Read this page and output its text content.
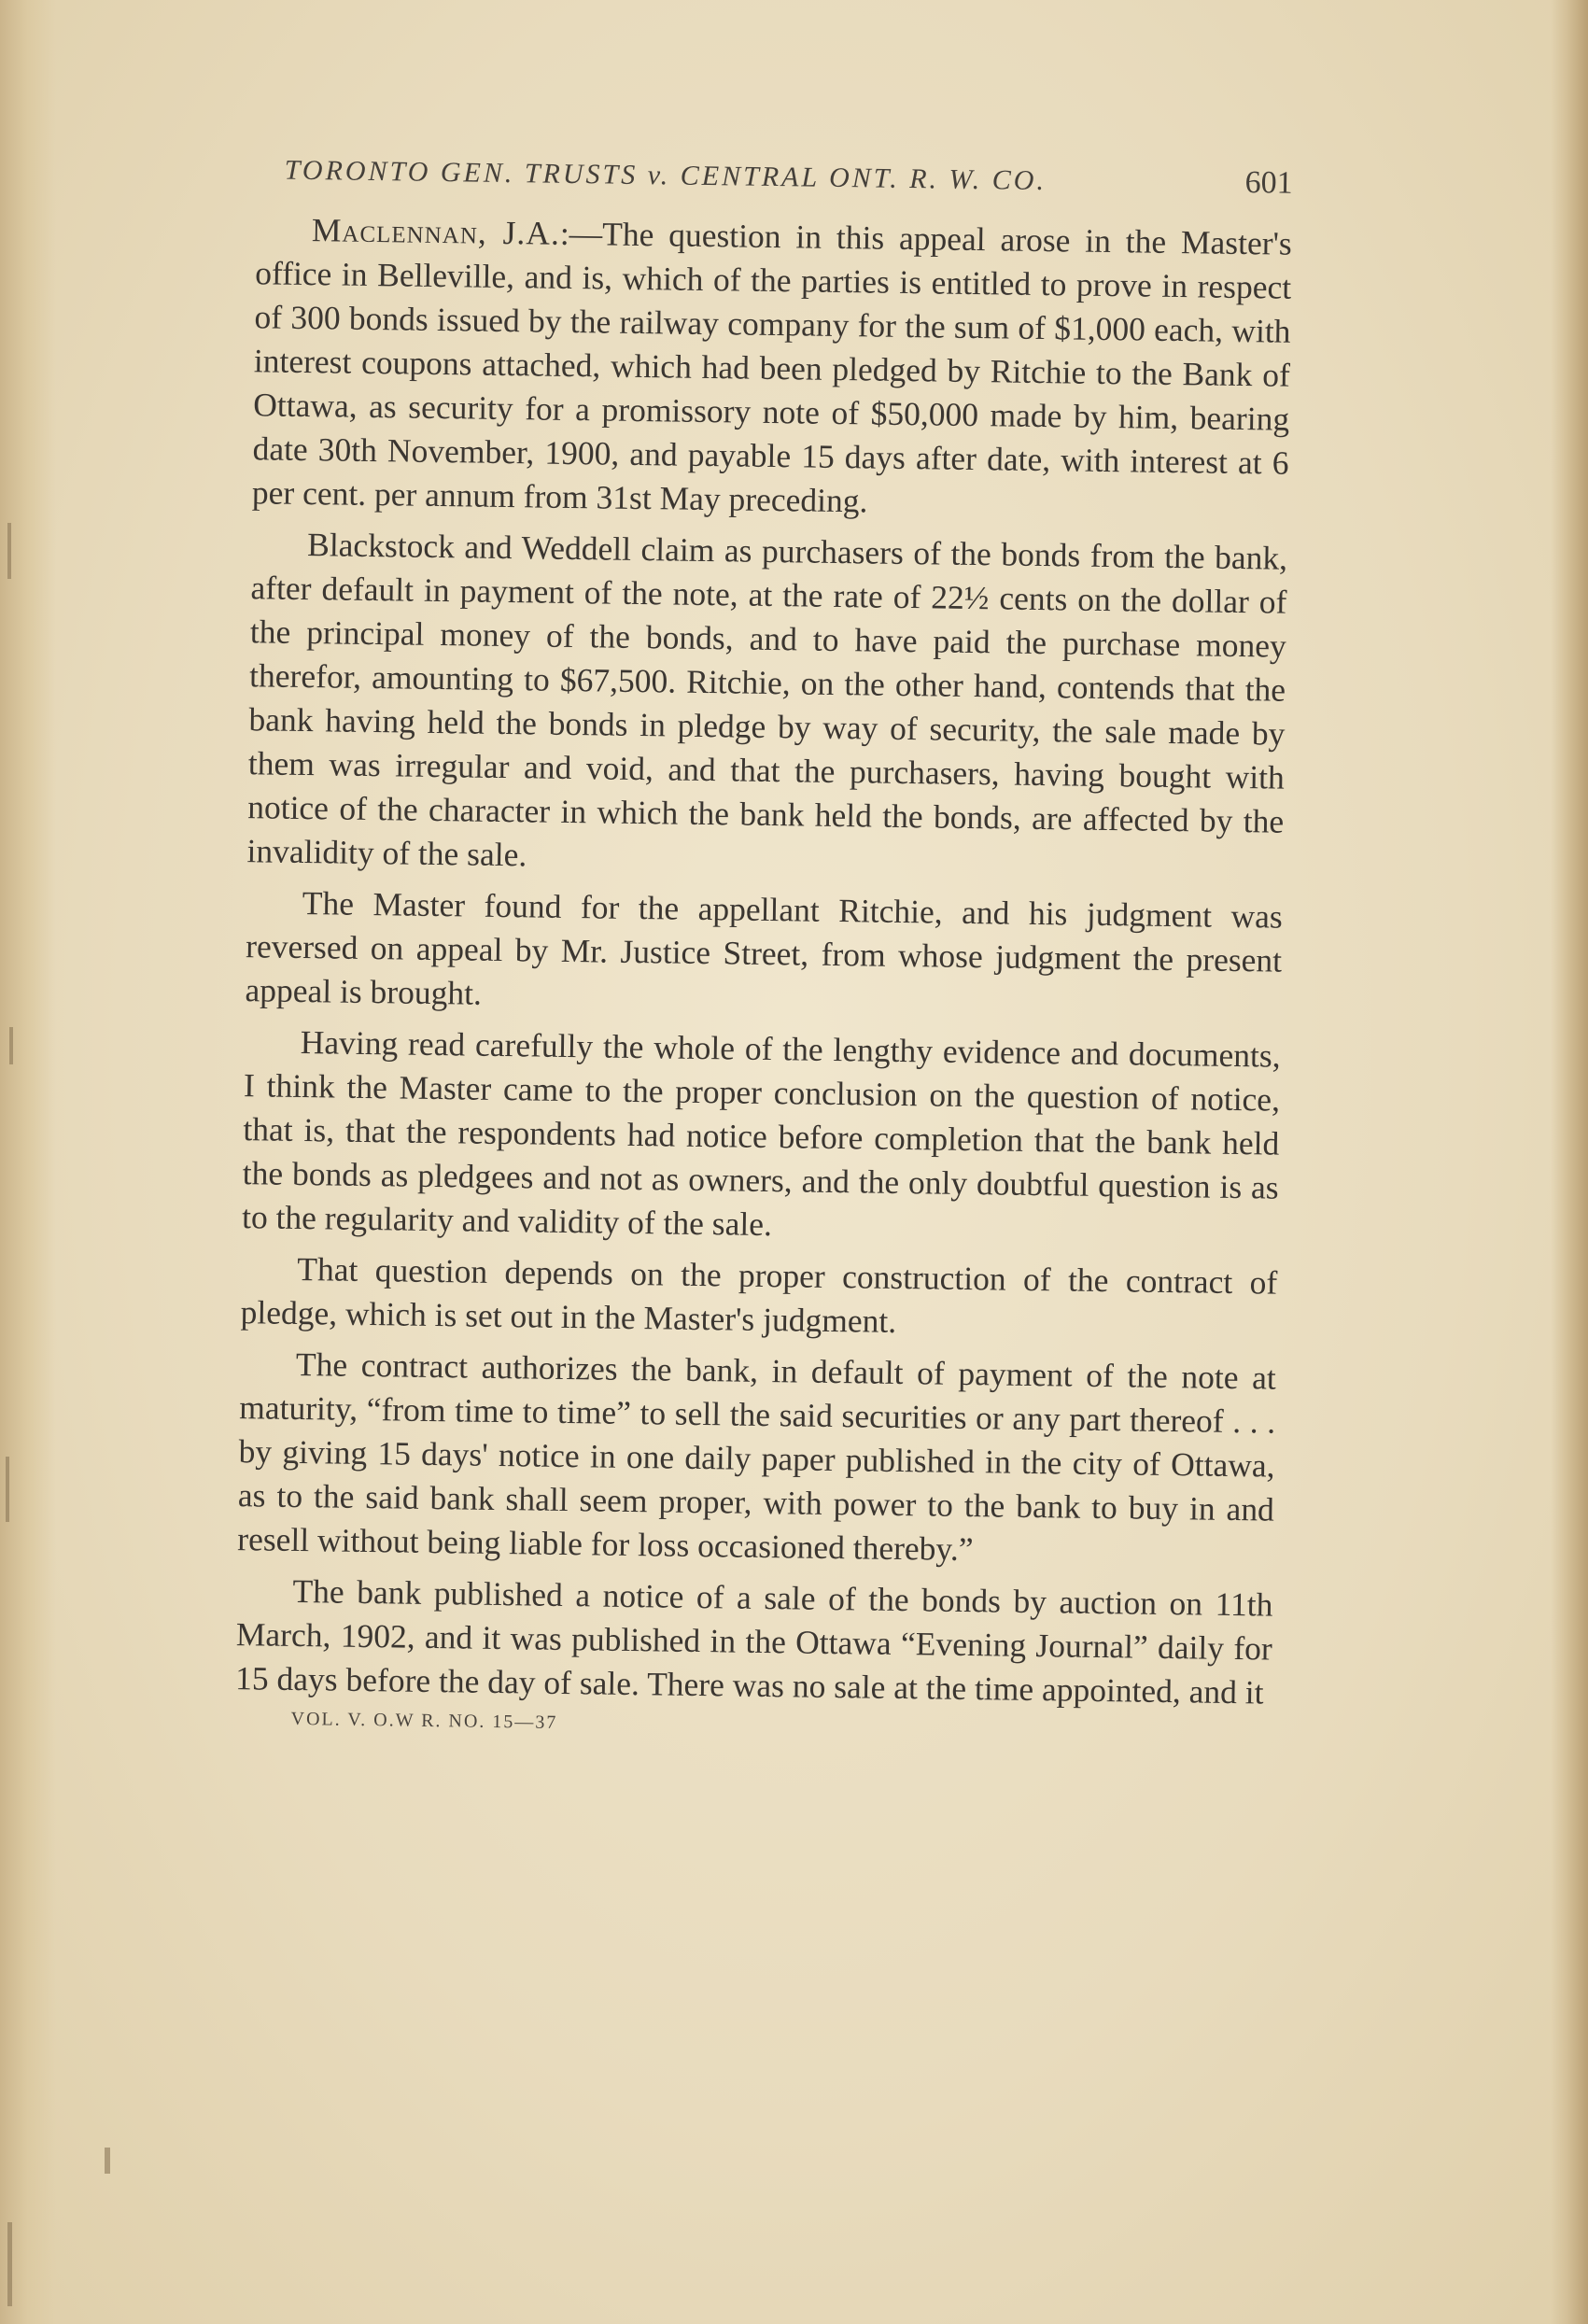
TORONTO GEN. TRUSTS v. CENTRAL ONT. R. W. CO.	601

Maclennan, J.A.:—The question in this appeal arose in the Master's office in Belleville, and is, which of the parties is entitled to prove in respect of 300 bonds issued by the railway company for the sum of $1,000 each, with interest coupons attached, which had been pledged by Ritchie to the Bank of Ottawa, as security for a promissory note of $50,000 made by him, bearing date 30th November, 1900, and payable 15 days after date, with interest at 6 per cent. per annum from 31st May preceding.

Blackstock and Weddell claim as purchasers of the bonds from the bank, after default in payment of the note, at the rate of 22½ cents on the dollar of the principal money of the bonds, and to have paid the purchase money therefor, amounting to $67,500. Ritchie, on the other hand, contends that the bank having held the bonds in pledge by way of security, the sale made by them was irregular and void, and that the purchasers, having bought with notice of the character in which the bank held the bonds, are affected by the invalidity of the sale.

The Master found for the appellant Ritchie, and his judgment was reversed on appeal by Mr. Justice Street, from whose judgment the present appeal is brought.

Having read carefully the whole of the lengthy evidence and documents, I think the Master came to the proper conclusion on the question of notice, that is, that the respondents had notice before completion that the bank held the bonds as pledgees and not as owners, and the only doubtful question is as to the regularity and validity of the sale.

That question depends on the proper construction of the contract of pledge, which is set out in the Master's judgment.

The contract authorizes the bank, in default of payment of the note at maturity, “from time to time” to sell the said securities or any part thereof . . . by giving 15 days' notice in one daily paper published in the city of Ottawa, as to the said bank shall seem proper, with power to the bank to buy in and resell without being liable for loss occasioned thereby.”

The bank published a notice of a sale of the bonds by auction on 11th March, 1902, and it was published in the Ottawa “Evening Journal” daily for 15 days before the day of sale. There was no sale at the time appointed, and it

VOL. V. O.W R. NO. 15—37
